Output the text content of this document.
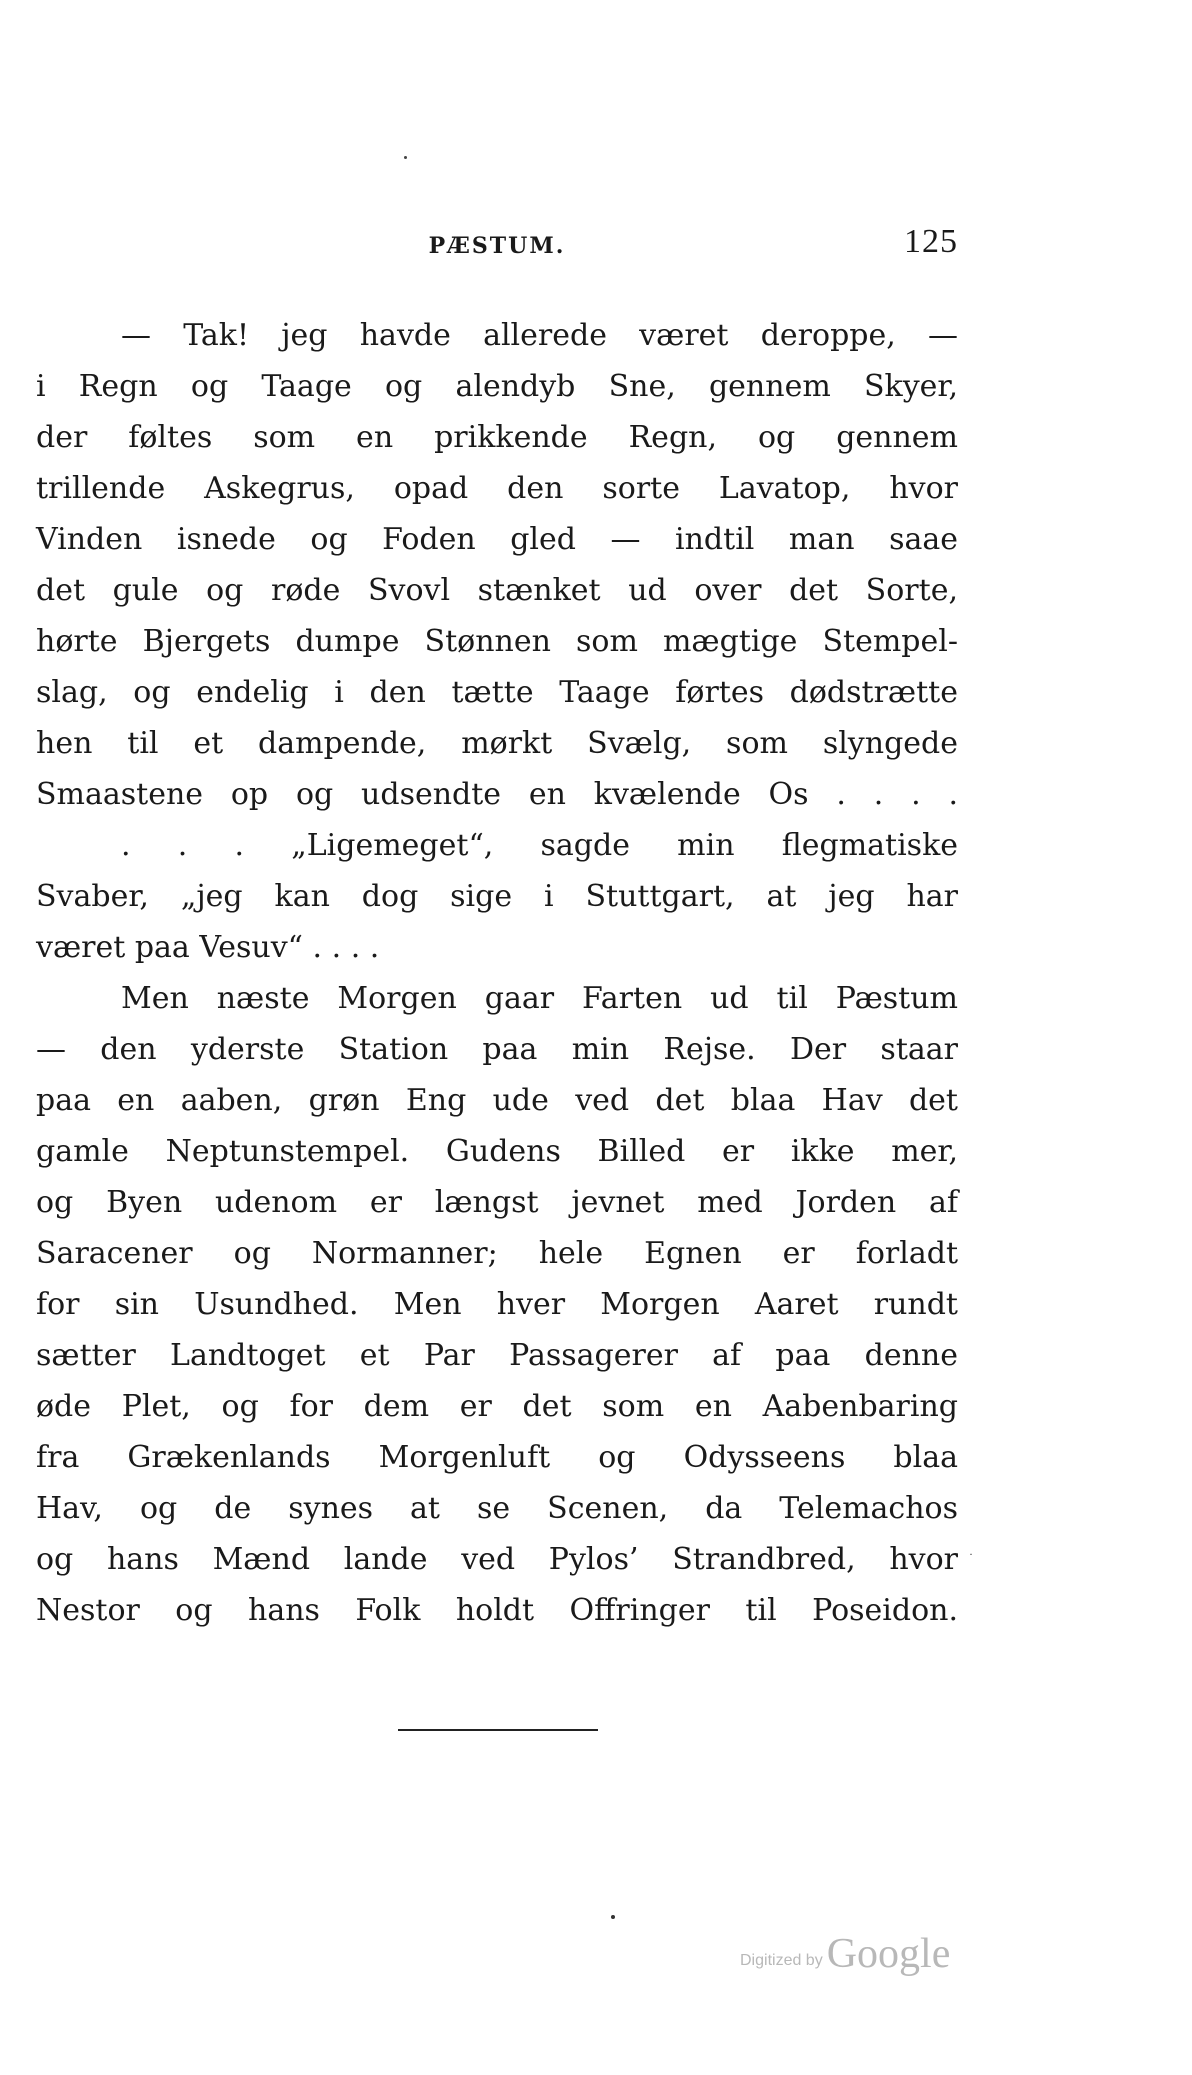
PÆSTUM.	125
— Tak! jeg havde allerede været deroppe, —
i Regn og Taage og alendyb Sne, gennem Skyer,
der føltes som en prikkende Regn, og gennem
trillende Askegrus, opad den sorte Lavatop, hvor
Vinden isnede og Foden gled — indtil man saae
det gule og røde Svovl stænket ud over det Sorte,
hørte Bjergets dumpe Stønnen som mægtige Stempel-
slag, og endelig i den tætte Taage førtes dødstrætte
hen til et dampende, mørkt Svælg, som slyngede
Smaastene op og udsendte en kvælende Os . . . .
. . . „Ligemeget“, sagde min flegmatiske
Svaber, „jeg kan dog sige i Stuttgart, at jeg har
været paa Vesuv“ . . . .
Men næste Morgen gaar Farten ud til Pæstum
— den yderste Station paa min Rejse. Der staar
paa en aaben, grøn Eng ude ved det blaa Hav det
gamle Neptunstempel. Gudens Billed er ikke mer,
og Byen udenom er længst jevnet med Jorden af
Saracener og Normanner; hele Egnen er forladt
for sin Usundhed. Men hver Morgen Aaret rundt
sætter Landtoget et Par Passagerer af paa denne
øde Plet, og for dem er det som en Aabenbaring
fra Grækenlands Morgenluft og Odysseens blaa
Hav, og de synes at se Scenen, da Telemachos
og hans Mænd lande ved Pylos’ Strandbred, hvor
Nestor og hans Folk holdt Offringer til Poseidon.
˙
Digitized by Google
